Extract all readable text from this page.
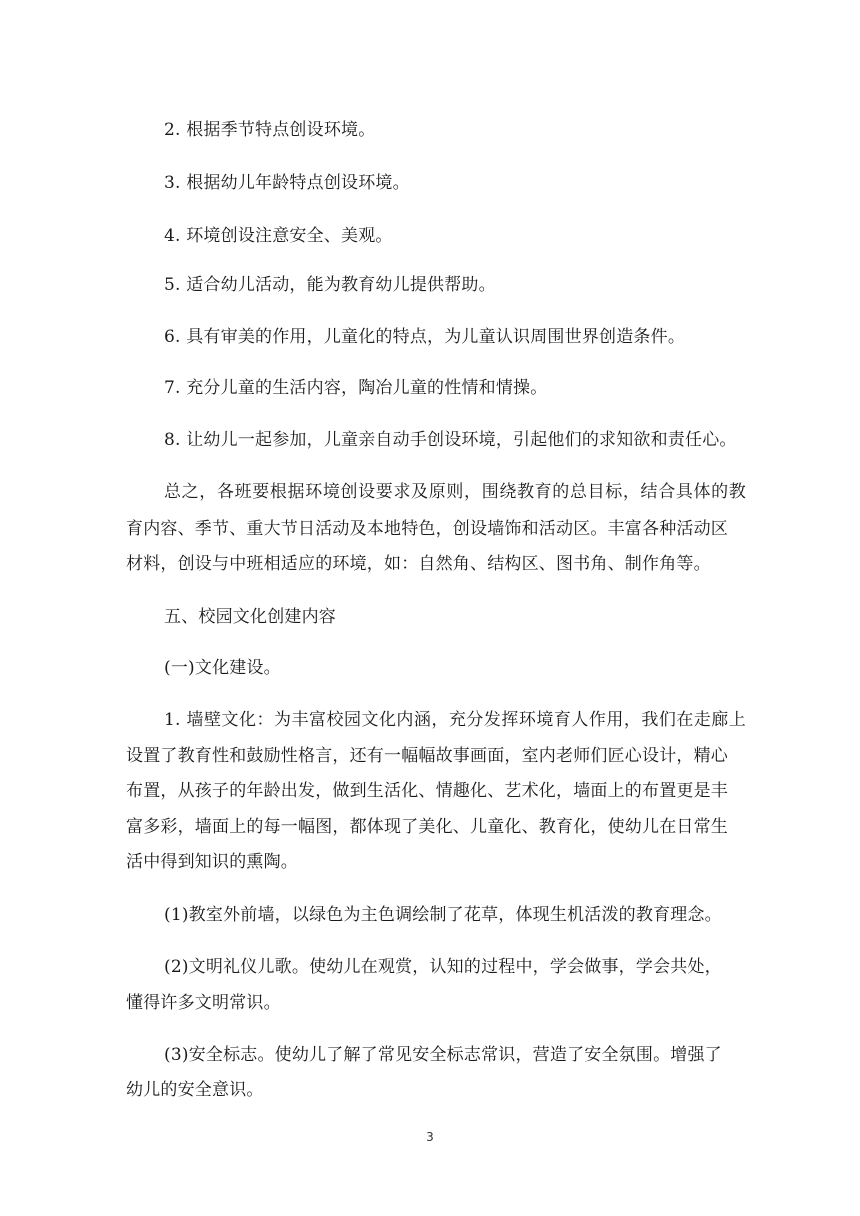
2. 根据季节特点创设环境。
3. 根据幼儿年龄特点创设环境。
4. 环境创设注意安全、美观。
5. 适合幼儿活动，能为教育幼儿提供帮助。
6. 具有审美的作用，儿童化的特点，为儿童认识周围世界创造条件。
7. 充分儿童的生活内容，陶冶儿童的性情和情操。
8. 让幼儿一起参加，儿童亲自动手创设环境，引起他们的求知欲和责任心。
总之，各班要根据环境创设要求及原则，围绕教育的总目标，结合具体的教
育内容、季节、重大节日活动及本地特色，创设墙饰和活动区。丰富各种活动区
材料，创设与中班相适应的环境，如：自然角、结构区、图书角、制作角等。
五、校园文化创建内容
(一)文化建设。
1. 墙壁文化：为丰富校园文化内涵，充分发挥环境育人作用，我们在走廊上
设置了教育性和鼓励性格言，还有一幅幅故事画面，室内老师们匠心设计，精心
布置，从孩子的年龄出发，做到生活化、情趣化、艺术化，墙面上的布置更是丰
富多彩，墙面上的每一幅图，都体现了美化、儿童化、教育化，使幼儿在日常生
活中得到知识的熏陶。
(1)教室外前墙，以绿色为主色调绘制了花草，体现生机活泼的教育理念。
(2)文明礼仪儿歌。使幼儿在观赏，认知的过程中，学会做事，学会共处，
懂得许多文明常识。
(3)安全标志。使幼儿了解了常见安全标志常识，营造了安全氛围。增强了
幼儿的安全意识。
3
